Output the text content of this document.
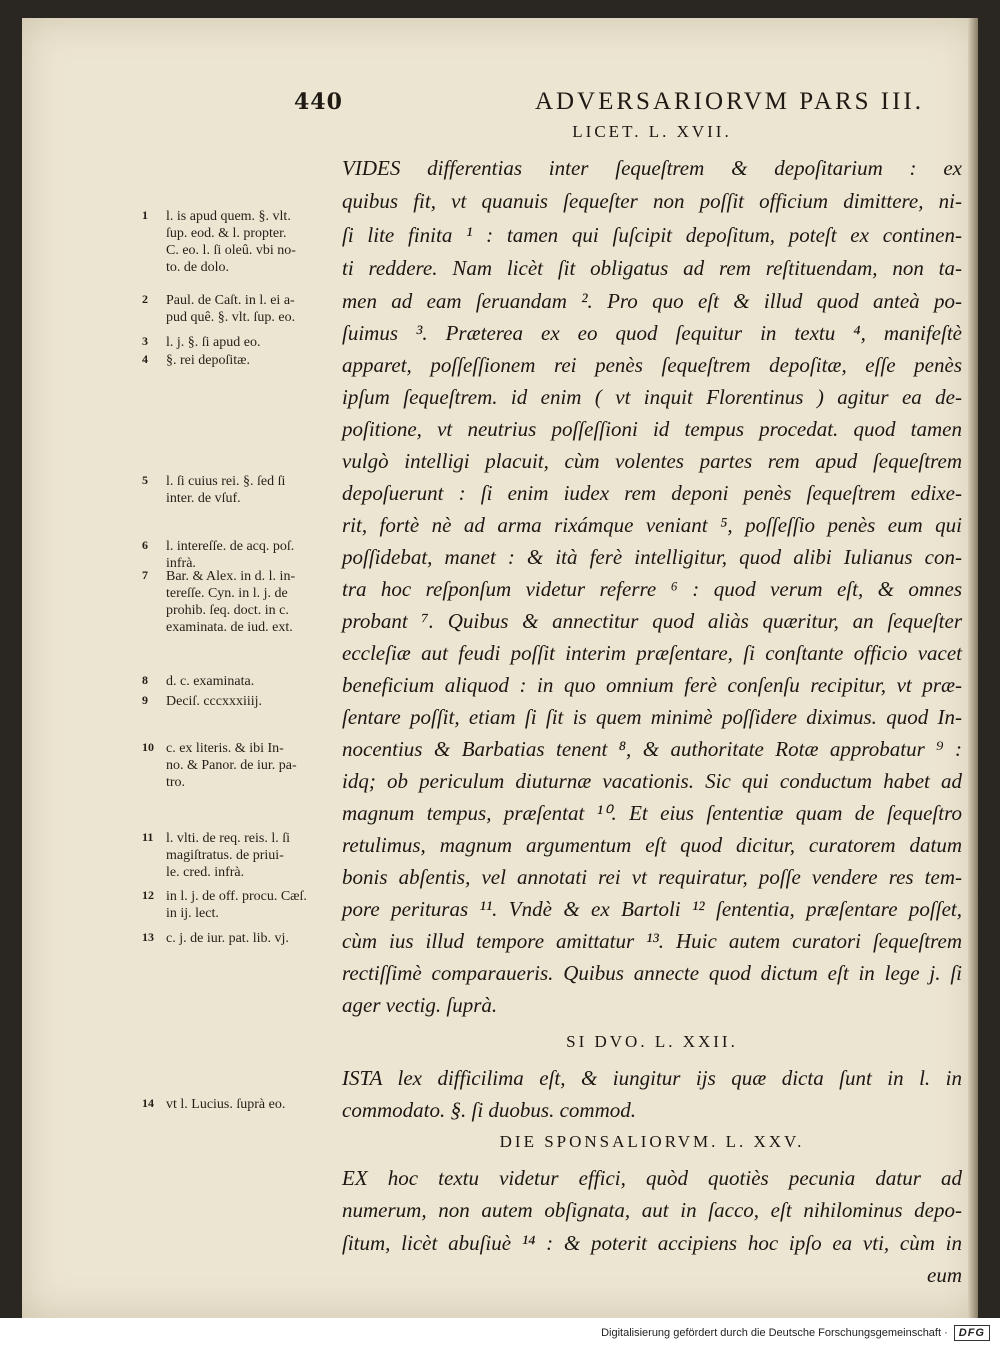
440	ADVERSARIORVM PARS III.
LICET. L. XVII.
VIDES differentias inter ſequeſtrem & depoſitarium : ex
quibus fit, vt quanuis ſequeſter non poſſit officium dimittere, ni-
ſi lite finita ¹ : tamen qui ſuſcipit depoſitum, poteſt ex continen-
ti reddere. Nam licèt ſit obligatus ad rem reſtituendam, non ta-
men ad eam ſeruandam ². Pro quo eſt & illud quod anteà po-
ſuimus ³. Præterea ex eo quod ſequitur in textu ⁴, manifeſtè
apparet, poſſeſſionem rei penès ſequeſtrem depoſitæ, eſſe penès
ipſum ſequeſtrem. id enim ( vt inquit Florentinus ) agitur ea de-
poſitione, vt neutrius poſſeſſioni id tempus procedat. quod tamen
vulgò intelligi placuit, cùm volentes partes rem apud ſequeſtrem
depoſuerunt : ſi enim iudex rem deponi penès ſequeſtrem edixe-
rit, fortè nè ad arma rixámque veniant ⁵, poſſeſſio penès eum qui
poſſidebat, manet : & ità ferè intelligitur, quod alibi Iulianus con-
tra hoc reſponſum videtur referre ⁶ : quod verum eſt, & omnes
probant ⁷. Quibus & annectitur quod aliàs quæritur, an ſequeſter
eccleſiæ aut feudi poſſit interim præſentare, ſi conſtante officio vacet
beneficium aliquod : in quo omnium ferè conſenſu recipitur, vt præ-
ſentare poſſit, etiam ſi ſit is quem minimè poſſidere diximus. quod In-
nocentius & Barbatias tenent ⁸, & authoritate Rotæ approbatur ⁹ :
idq; ob periculum diuturnæ vacationis. Sic qui conductum habet ad
magnum tempus, præſentat ¹⁰. Et eius ſententiæ quam de ſequeſtro
retulimus, magnum argumentum eſt quod dicitur, curatorem datum
bonis abſentis, vel annotati rei vt requiratur, poſſe vendere res tem-
pore perituras ¹¹. Vndè & ex Bartoli ¹² ſententia, præſentare poſſet,
cùm ius illud tempore amittatur ¹³. Huic autem curatori ſequeſtrem
rectiſſimè comparaueris. Quibus annecte quod dictum eſt in lege j. ſi
ager vectig. ſuprà.
SI DVO. L. XXII.
ISTA lex difficilima eſt, & iungitur ijs quæ dicta ſunt in l. in
commodato. §. ſi duobus. commod.
DIE SPONSALIORVM. L. XXV.
EX hoc textu videtur effici, quòd quotiès pecunia datur ad
numerum, non autem obſignata, aut in ſacco, eſt nihilominus depo-
ſitum, licèt abuſiuè ¹⁴ : & poterit accipiens hoc ipſo ea vti, cùm in
eum
1	l. is apud quem. §. vlt.
ſup. eod. & l. propter.
C. eo. l. ſi oleû. vbi no-
to. de dolo.
2	Paul. de Caſt. in l. ei a-
pud quê. §. vlt. ſup. eo.
3	l. j. §. ſi apud eo.
4	§. rei depoſitæ.
5	l. ſi cuius rei. §. ſed ſi
inter. de vſuf.
6	l. intereſſe. de acq. poſ.
infrà.
7	Bar. & Alex. in d. l. in-
tereſſe. Cyn. in l. j. de
prohib. ſeq. doct. in c.
examinata. de iud. ext.
8	d. c. examinata.
9	Deciſ. cccxxxiiij.
10 c. ex literis. & ibi In-
no. & Panor. de iur. pa-
tro.
11 l. vlti. de req. reis. l. ſi
magiſtratus. de priui-
le. cred. infrà.
12 in l. j. de off. procu. Cæſ.
in ij. lect.
13 c. j. de iur. pat. lib. vj.
14 vt l. Lucius. ſuprà eo.
Digitalisierung gefördert durch die Deutsche Forschungsgemeinschaft ·	DFG
